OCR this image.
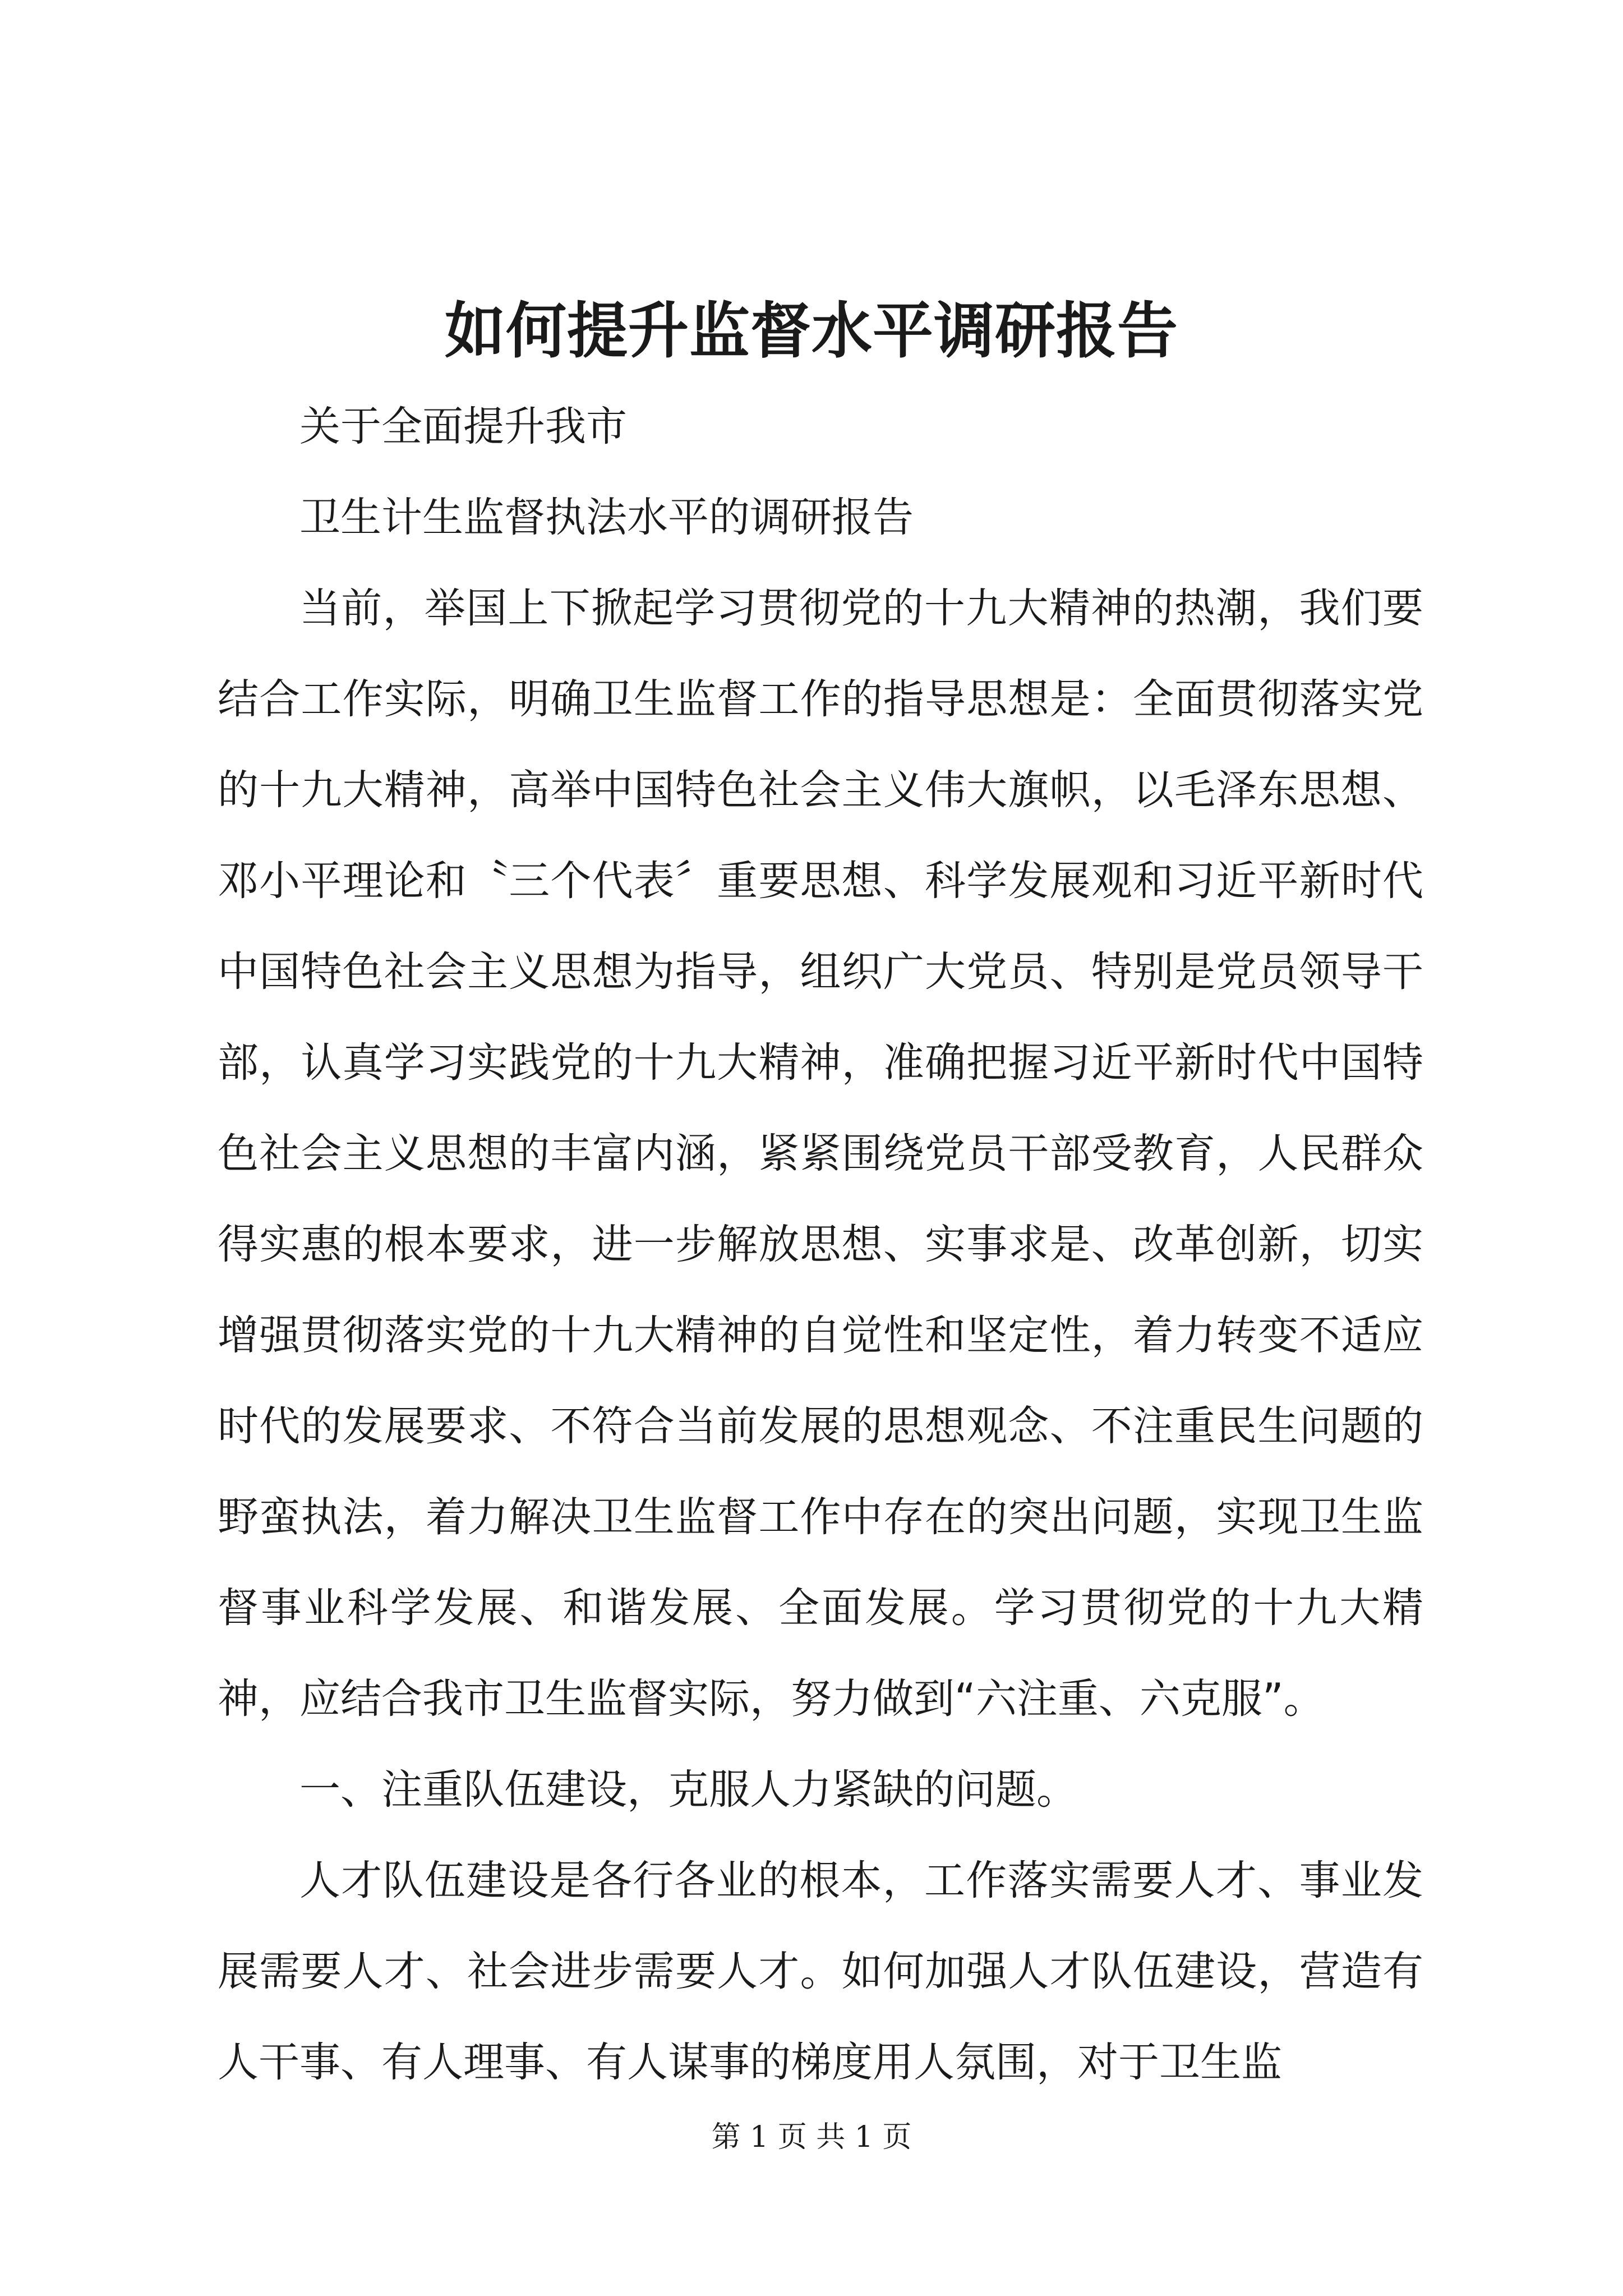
如何提升监督水平调研报告

关于全面提升我市

卫生计生监督执法水平的调研报告

当前，举国上下掀起学习贯彻党的十九大精神的热潮，我们要结合工作实际，明确卫生监督工作的指导思想是：全面贯彻落实党的十九大精神，高举中国特色社会主义伟大旗帜，以毛泽东思想、邓小平理论和〝三个代表〞重要思想、科学发展观和习近平新时代中国特色社会主义思想为指导，组织广大党员、特别是党员领导干部，认真学习实践党的十九大精神，准确把握习近平新时代中国特色社会主义思想的丰富内涵，紧紧围绕党员干部受教育，人民群众得实惠的根本要求，进一步解放思想、实事求是、改革创新，切实增强贯彻落实党的十九大精神的自觉性和坚定性，着力转变不适应时代的发展要求、不符合当前发展的思想观念、不注重民生问题的野蛮执法，着力解决卫生监督工作中存在的突出问题，实现卫生监督事业科学发展、和谐发展、全面发展。学习贯彻党的十九大精神，应结合我市卫生监督实际，努力做到“六注重、六克服”。

一、注重队伍建设，克服人力紧缺的问题。

人才队伍建设是各行各业的根本，工作落实需要人才、事业发展需要人才、社会进步需要人才。如何加强人才队伍建设，营造有人干事、有人理事、有人谋事的梯度用人氛围，对于卫生监

第 1 页 共 1 页
